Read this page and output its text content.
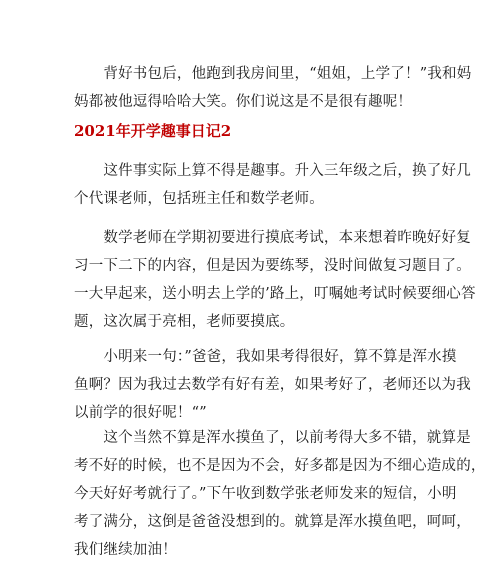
　　背好书包后，他跑到我房间里，“姐姐，上学了！”我和妈
妈都被他逗得哈哈大笑。你们说这是不是很有趣呢！

2021年开学趣事日记2

　　这件事实际上算不得是趣事。升入三年级之后，换了好几
个代课老师，包括班主任和数学老师。

　　数学老师在学期初要进行摸底考试，本来想着昨晚好好复
习一下二下的内容，但是因为要练琴，没时间做复习题目了。
一大早起来，送小明去上学的’路上，叮嘱她考试时候要细心答
题，这次属于亮相，老师要摸底。

　　小明来一句：”爸爸，我如果考得很好，算不算是浑水摸
鱼啊？因为我过去数学有好有差，如果考好了，老师还以为我
以前学的很好呢！“”

　　这个当然不算是浑水摸鱼了，以前考得大多不错，就算是
考不好的时候，也不是因为不会，好多都是因为不细心造成的，
今天好好考就行了。”下午收到数学张老师发来的短信，小明
考了满分，这倒是爸爸没想到的。就算是浑水摸鱼吧，呵呵，
我们继续加油！
